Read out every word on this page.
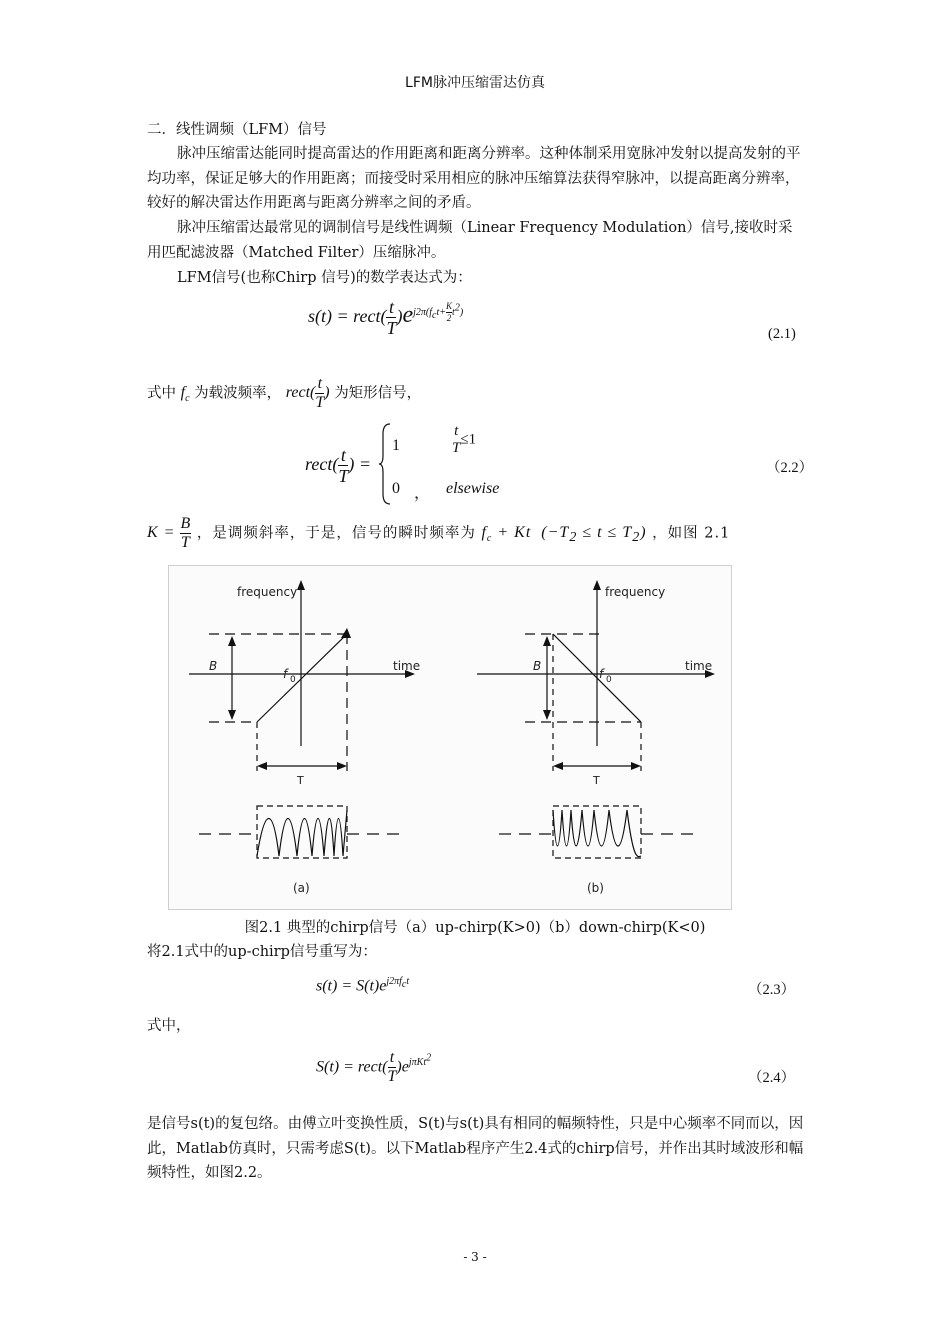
LFM脉冲压缩雷达仿真
二．线性调频（LFM）信号

脉冲压缩雷达能同时提高雷达的作用距离和距离分辨率。这种体制采用宽脉冲发射以提高发射的平均功率，保证足够大的作用距离；而接受时采用相应的脉冲压缩算法获得窄脉冲，以提高距离分辨率，较好的解决雷达作用距离与距离分辨率之间的矛盾。

脉冲压缩雷达最常见的调制信号是线性调频（Linear Frequency Modulation）信号,接收时采用匹配滤波器（Matched Filter）压缩脉冲。

LFM信号(也称Chirp 信号)的数学表达式为：

s(t) = rect( $\frac{t}{T} )e^{j2\pi(f_ct+ \frac{K}{2} t^2)}$
(2.1)
式中 $f_c$ 为载波频率， rect( $\frac{t}{T}$ ) 为矩形信号，
rect( $\frac{t}{T}$ ) =
1
t
T
≤1
0 ， elsewise
（2.2）
$K = \frac{B}{T}$ ，是调频斜率，于是，信号的瞬时频率为 $f_c + Kt$  $(-T_2 \le t \le T_2)$ ，如图 2.1
frequency
time
B
f 0
T
(a)
frequency
time
B
f 0
T
(b)
图2.1 典型的chirp信号（a）up-chirp(K>0)（b）down-chirp(K<0)

将2.1式中的up-chirp信号重写为：

$s(t) = S(t)e^{j2\pi f_ct}$
（2.3）

式中，

S(t) = rect( $\frac{t}{T} )e^{j\pi Kt^2}$
（2.4）

是信号s(t)的复包络。由傅立叶变换性质，S(t)与s(t)具有相同的幅频特性，只是中心频率不同而以，因此，Matlab仿真时，只需考虑S(t)。以下Matlab程序产生2.4式的chirp信号，并作出其时域波形和幅频特性，如图2.2。

- 3 -
